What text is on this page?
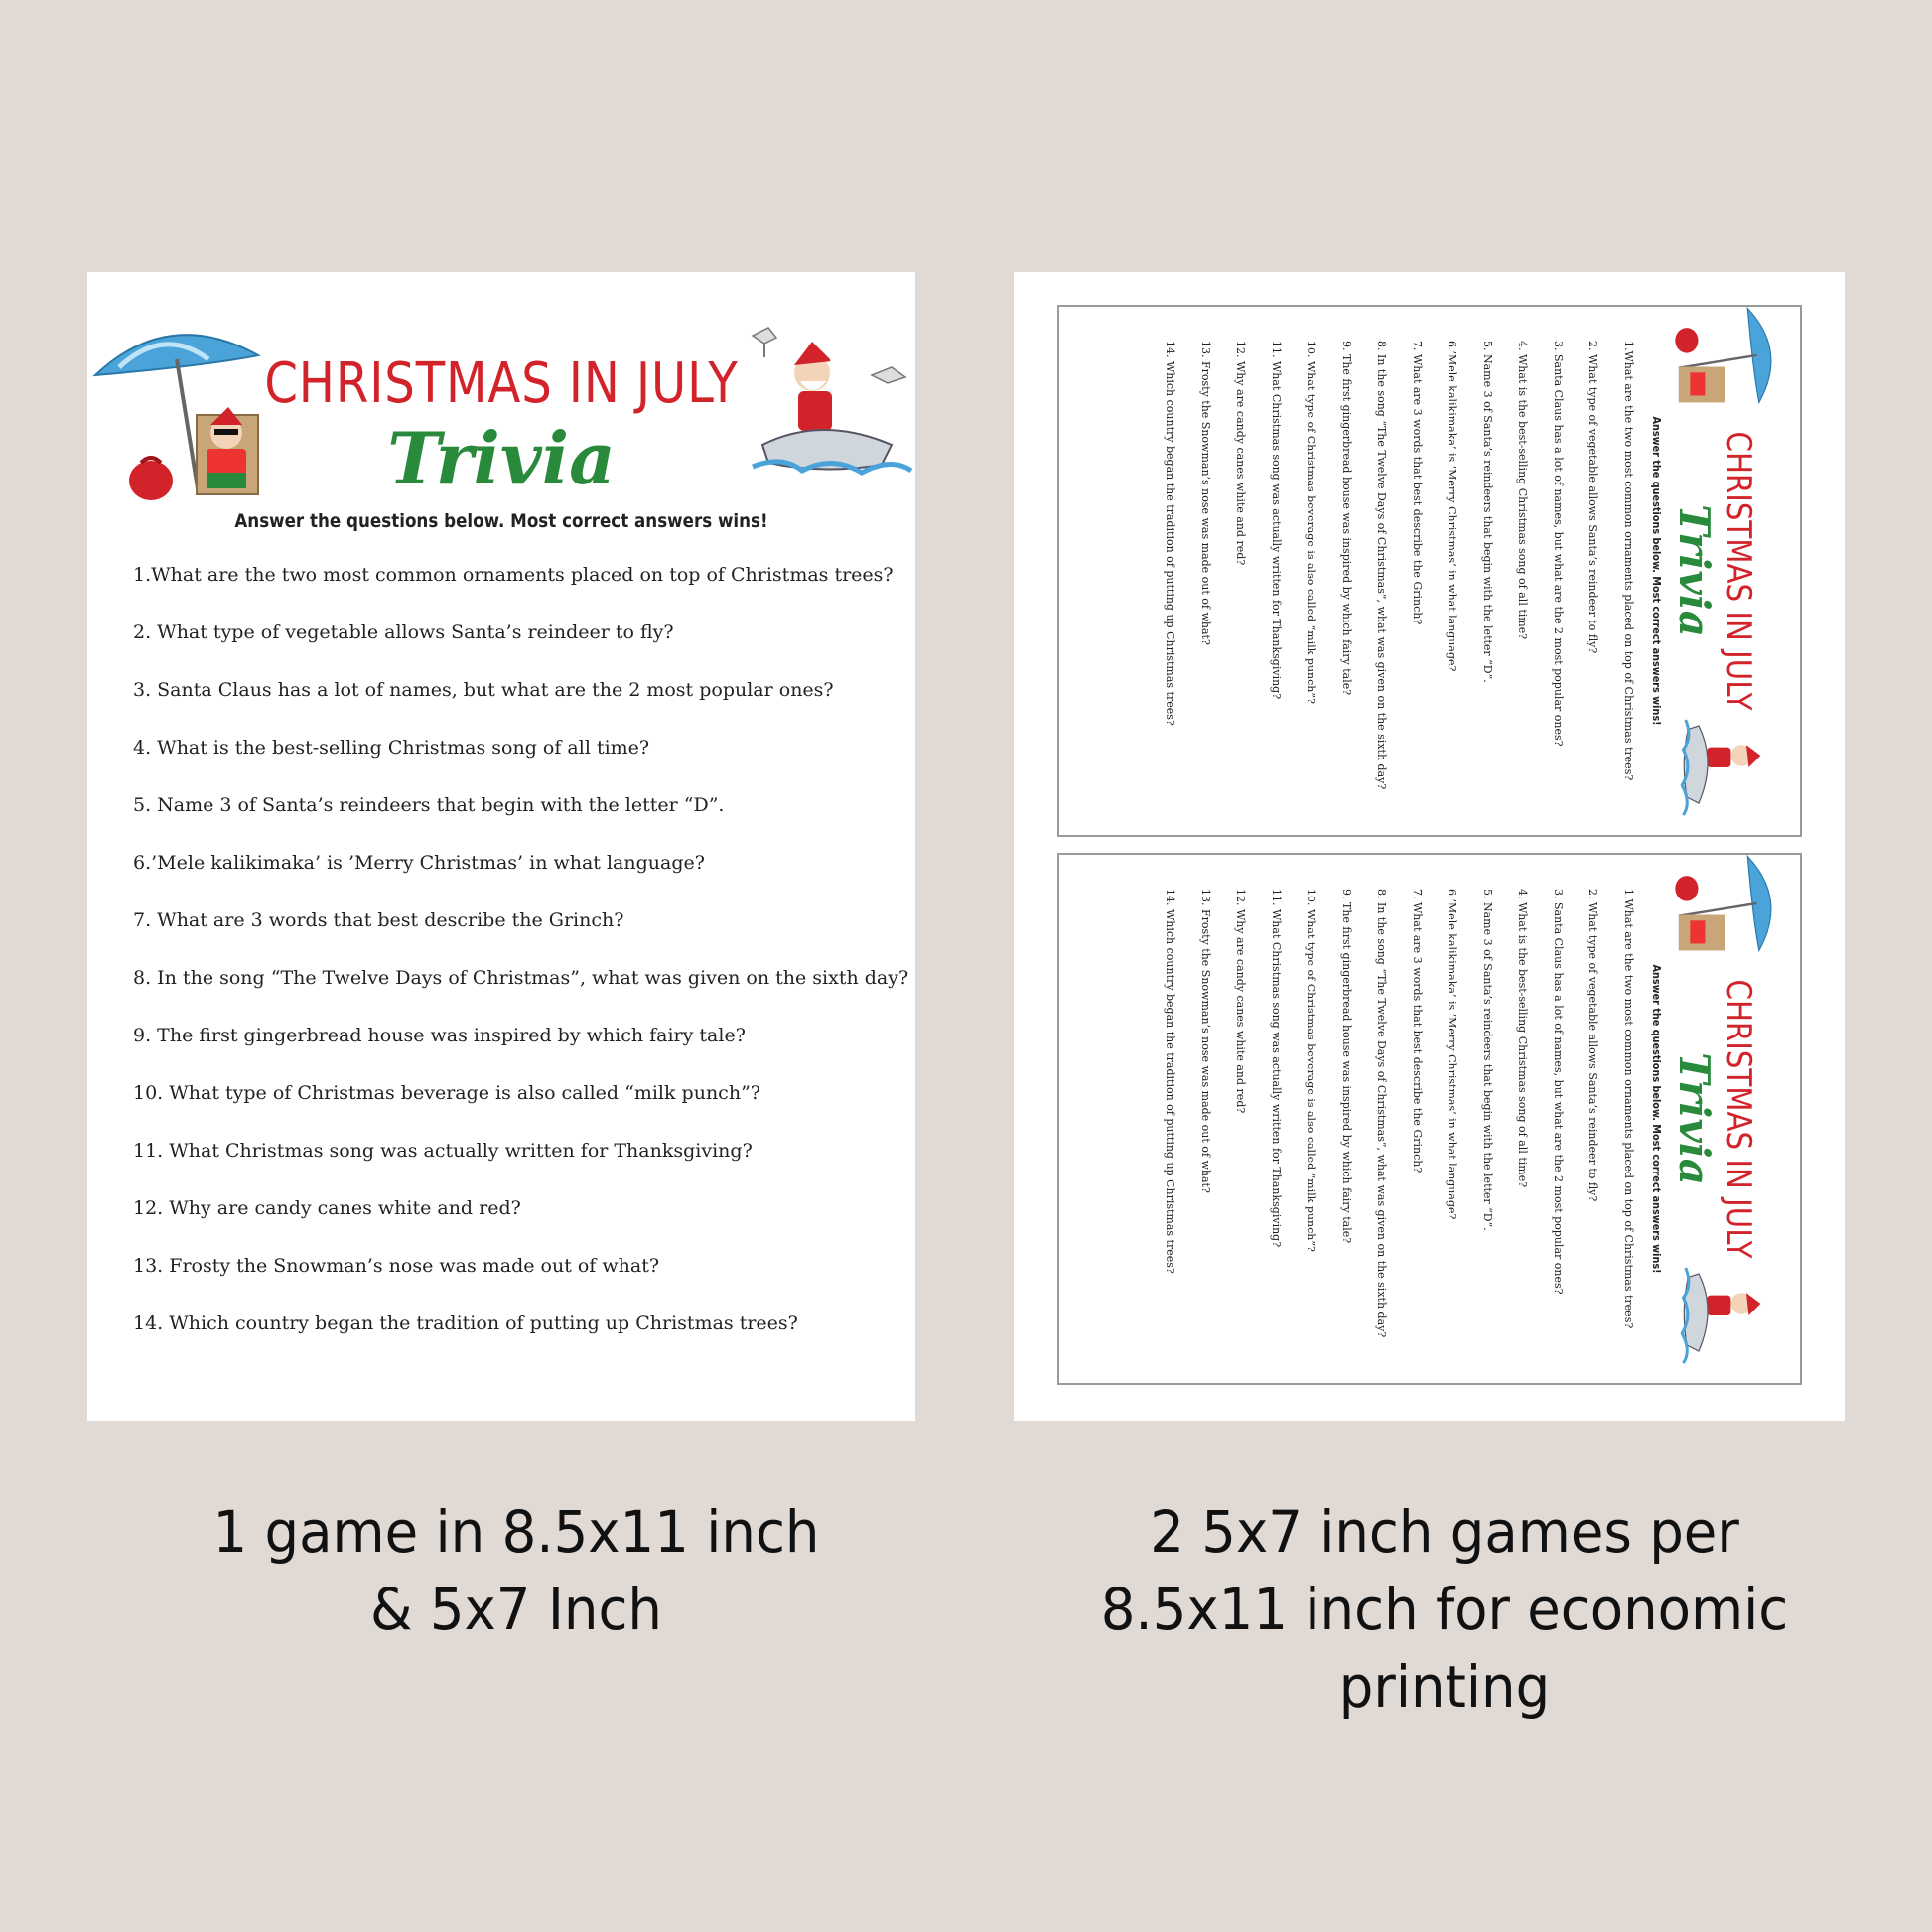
CHRISTMAS IN JULY
Trivia
Answer the questions below. Most correct answers wins!
1.What are the two most common ornaments placed on top of Christmas trees?
2. What type of vegetable allows Santa’s reindeer to fly?
3. Santa Claus has a lot of names, but what are the 2 most popular ones?
4. What is the best-selling Christmas song of all time?
5. Name 3 of Santa’s reindeers that begin with the letter “D”.
6.’Mele kalikimaka’ is ’Merry Christmas’ in what language?
7. What are 3 words that best describe the Grinch?
8. In the song “The Twelve Days of Christmas”, what was given on the sixth day?
9. The first gingerbread house was inspired by which fairy tale?
10. What type of Christmas beverage is also called “milk punch”?
11. What Christmas song was actually written for Thanksgiving?
12. Why are candy canes white and red?
13. Frosty the Snowman’s nose was made out of what?
14. Which country began the tradition of putting up Christmas trees?
CHRISTMAS IN JULY
Trivia
Answer the questions below. Most correct answers wins!
1.What are the two most common ornaments placed on top of Christmas trees?
2. What type of vegetable allows Santa’s reindeer to fly?
3. Santa Claus has a lot of names, but what are the 2 most popular ones?
4. What is the best-selling Christmas song of all time?
5. Name 3 of Santa’s reindeers that begin with the letter “D”.
6.’Mele kalikimaka’ is ’Merry Christmas’ in what language?
7. What are 3 words that best describe the Grinch?
8. In the song “The Twelve Days of Christmas”, what was given on the sixth day?
9. The first gingerbread house was inspired by which fairy tale?
10. What type of Christmas beverage is also called “milk punch”?
11. What Christmas song was actually written for Thanksgiving?
12. Why are candy canes white and red?
13. Frosty the Snowman’s nose was made out of what?
14. Which country began the tradition of putting up Christmas trees?
CHRISTMAS IN JULY
Trivia
Answer the questions below. Most correct answers wins!
1.What are the two most common ornaments placed on top of Christmas trees?
2. What type of vegetable allows Santa’s reindeer to fly?
3. Santa Claus has a lot of names, but what are the 2 most popular ones?
4. What is the best-selling Christmas song of all time?
5. Name 3 of Santa’s reindeers that begin with the letter “D”.
6.’Mele kalikimaka’ is ’Merry Christmas’ in what language?
7. What are 3 words that best describe the Grinch?
8. In the song “The Twelve Days of Christmas”, what was given on the sixth day?
9. The first gingerbread house was inspired by which fairy tale?
10. What type of Christmas beverage is also called “milk punch”?
11. What Christmas song was actually written for Thanksgiving?
12. Why are candy canes white and red?
13. Frosty the Snowman’s nose was made out of what?
14. Which country began the tradition of putting up Christmas trees?
1 game in 8.5x11 inch
& 5x7 Inch
2 5x7 inch games per
8.5x11 inch for economic
printing
